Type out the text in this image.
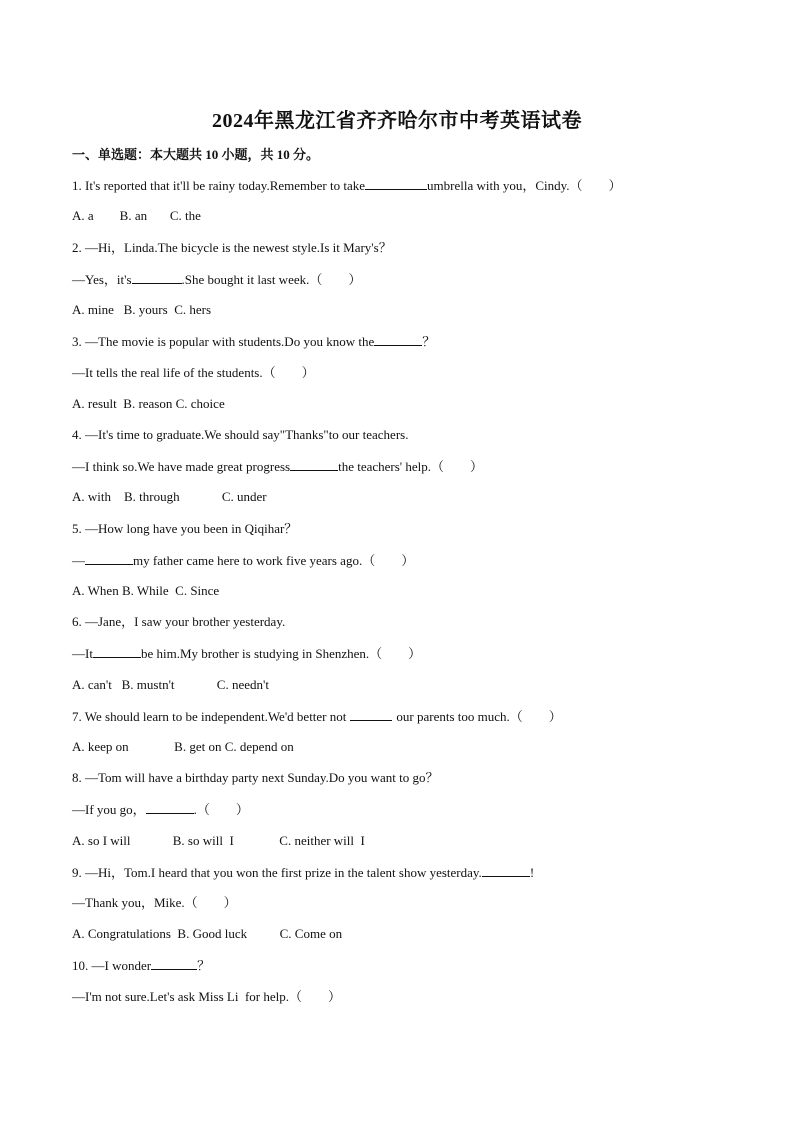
2024年黑龙江省齐齐哈尔市中考英语试卷
一、单选题：本大题共 10 小题，共 10 分。
1. It's reported that it'll be rainy today.Remember to take	umbrella with you，Cindy.（　　）
A. a        B. an       C. the
2. —Hi，Linda.The bicycle is the newest style.Is it Mary's？
—Yes，it's	.She bought it last week.（　　）
A. mine   B. yours  C. hers
3. —The movie is popular with students.Do you know the	？
—It tells the real life of the students.（　　）
A. result  B. reason C. choice
4. —It's time to graduate.We should say"Thanks"to our teachers.
—I think so.We have made great progress	the teachers' help.（　　）
A. with    B. through             C. under
5. —How long have you been in Qiqihar？
—	my father came here to work five years ago.（　　）
A. When B. While  C. Since
6. —Jane，I saw your brother yesterday.
—It	be him.My brother is studying in Shenzhen.（　　）
A. can't   B. mustn't             C. needn't
7. We should learn to be independent.We'd better not	our parents too much.（　　）
A. keep on              B. get on C. depend on
8. —Tom will have a birthday party next Sunday.Do you want to go？
—If you go，	.（　　）
A. so I will             B. so will  I              C. neither will  I
9. —Hi，Tom.I heard that you won the first prize in the talent show yesterday.	!
—Thank you，Mike.（　　）
A. Congratulations  B. Good luck          C. Come on
10. —I wonder	？
—I'm not sure.Let's ask Miss Li  for help.（　　）
